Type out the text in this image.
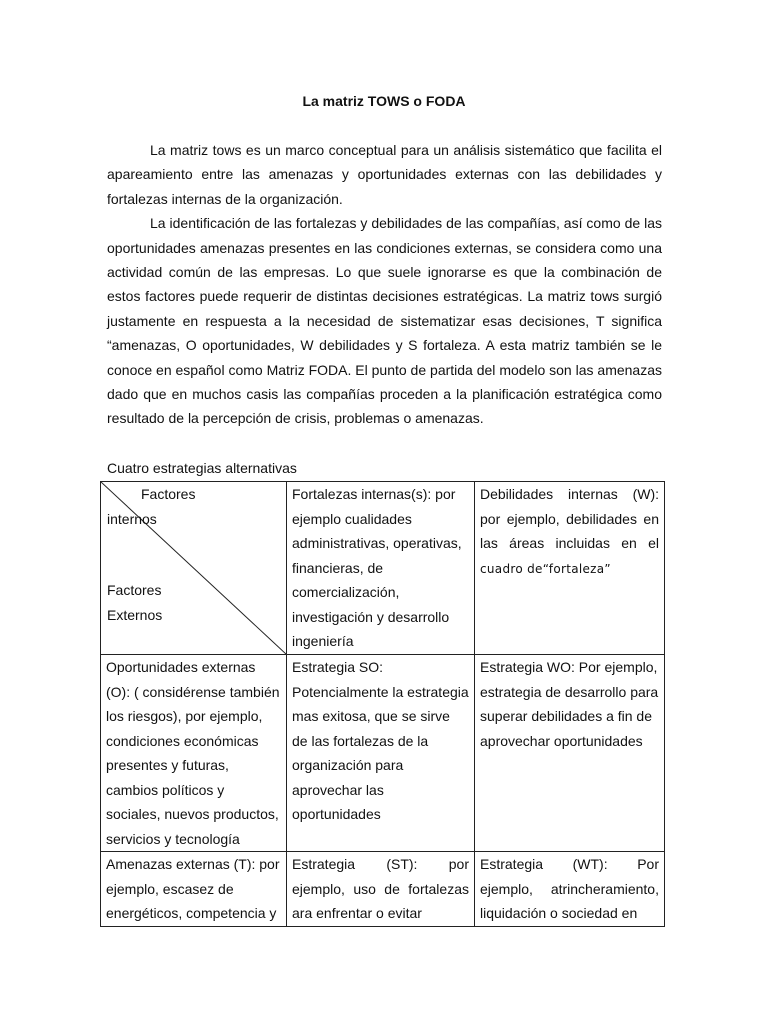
La matriz TOWS o FODA

La matriz tows es un marco conceptual para un análisis sistemático que facilita el apareamiento entre las amenazas y oportunidades externas con las debilidades y fortalezas internas de la organización.

La identificación de las fortalezas y debilidades de las compañías, así como de las oportunidades amenazas presentes en las condiciones externas, se considera como una actividad común de las empresas. Lo que suele ignorarse es que la combinación de estos factores puede requerir de distintas decisiones estratégicas. La matriz tows surgió justamente en respuesta a la necesidad de sistematizar esas decisiones, T significa “amenazas, O oportunidades, W debilidades y S fortaleza. A esta matriz también se le conoce en español como Matriz FODA. El punto de partida del modelo son las amenazas dado que en muchos casis las compañías proceden a la planificación estratégica como resultado de la percepción de crisis, problemas o amenazas.

Cuatro estrategias alternativas
Factores
internos
Factores
Externos	Fortalezas internas(s): por ejemplo cualidades administrativas, operativas, financieras, de comercialización, investigación y desarrollo ingeniería	Debilidades internas (W): por ejemplo, debilidades en las áreas incluidas en el cuadro de“fortaleza”
Oportunidades externas (O): ( considérense también los riesgos), por ejemplo, condiciones económicas presentes y futuras, cambios políticos y sociales, nuevos productos, servicios y tecnología	Estrategia SO: Potencialmente la estrategia mas exitosa, que se sirve de las fortalezas de la organización para aprovechar las oportunidades	Estrategia WO: Por ejemplo, estrategia de desarrollo para superar debilidades a fin de aprovechar oportunidades
Amenazas externas (T): por ejemplo, escasez de energéticos, competencia y	Estrategia (ST): por ejemplo, uso de fortalezas ara enfrentar o evitar	Estrategia (WT): Por ejemplo, atrincheramiento, liquidación o sociedad en
